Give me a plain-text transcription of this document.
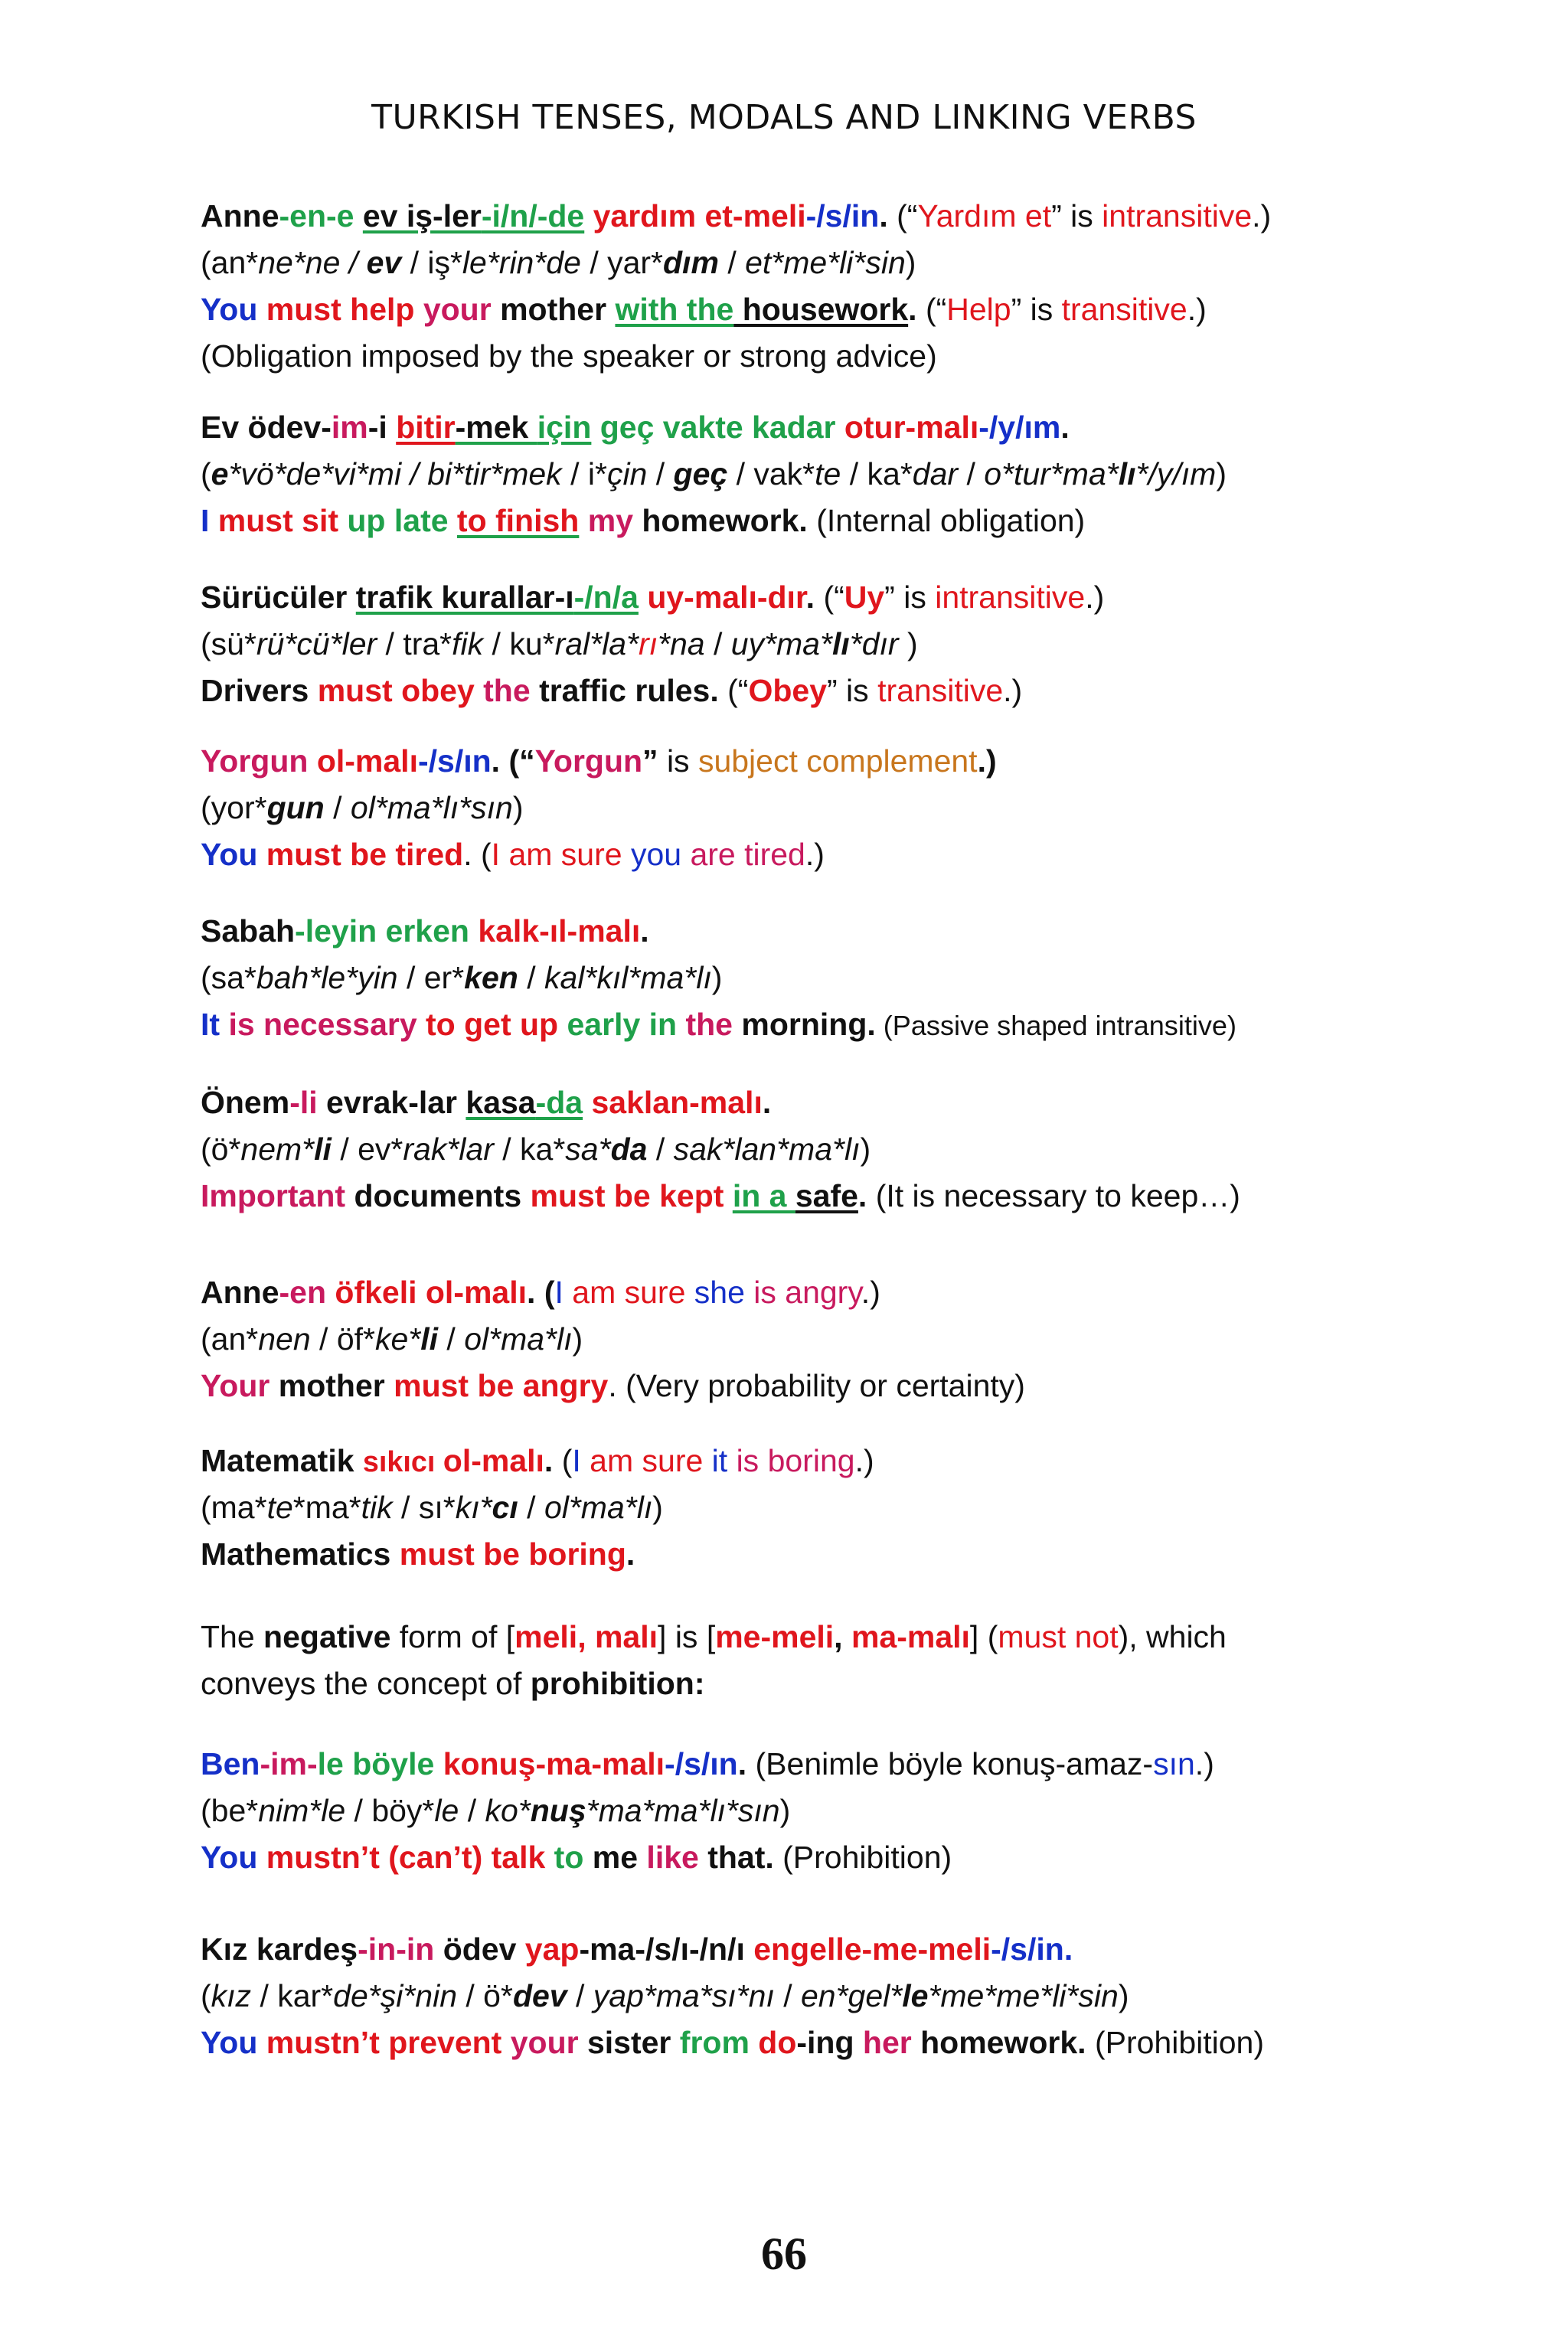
TURKISH TENSES, MODALS AND LINKING VERBS
Anne-en-e ev iş-ler-i/n/-de yardım et-meli-/s/in. (“Yardım et” is intransitive.)
(an*ne*ne / ev / iş*le*rin*de / yar*dım / et*me*li*sin)
You must help your mother with the housework. (“Help” is transitive.)
(Obligation imposed by the speaker or strong advice)
Ev ödev-im-i bitir-mek için geç vakte kadar otur-malı-/y/ım.
(e*vö*de*vi*mi / bi*tir*mek / i*çin / geç / vak*te / ka*dar / o*tur*ma*lı*/y/ım)
I must sit up late to finish my homework. (Internal obligation)
Sürücüler trafik kurallar-ı-/n/a uy-malı-dır. (“Uy” is intransitive.)
(sü*rü*cü*ler / tra*fik / ku*ral*la*rı*na / uy*ma*lı*dır )
Drivers must obey the traffic rules. (“Obey” is transitive.)
Yorgun ol-malı-/s/ın. (“Yorgun” is subject complement.)
(yor*gun / ol*ma*lı*sın)
You must be tired. (I am sure you are tired.)
Sabah-leyin erken kalk-ıl-malı.
(sa*bah*le*yin / er*ken / kal*kıl*ma*lı)
It is necessary to get up early in the morning. (Passive shaped intransitive)
Önem-li evrak-lar kasa-da saklan-malı.
(ö*nem*li / ev*rak*lar / ka*sa*da / sak*lan*ma*lı)
Important documents must be kept in a safe. (It is necessary to keep…)
Anne-en öfkeli ol-malı. (I am sure she is angry.)
(an*nen / öf*ke*li / ol*ma*lı)
Your mother must be angry. (Very probability or certainty)
Matematik sıkıcı ol-malı. (I am sure it is boring.)
(ma*te*ma*tik / sı*kı*cı / ol*ma*lı)
Mathematics must be boring.
The negative form of [meli, malı] is [me-meli, ma-malı] (must not), which
conveys the concept of prohibition:
Ben-im-le böyle konuş-ma-malı-/s/ın. (Benimle böyle konuş-amaz-sın.)
(be*nim*le / böy*le / ko*nuş*ma*ma*lı*sın)
You mustn’t (can’t) talk to me like that. (Prohibition)
Kız kardeş-in-in ödev yap-ma-/s/ı-/n/ı engelle-me-meli-/s/in.
(kız / kar*de*şi*nin / ö*dev / yap*ma*sı*nı / en*gel*le*me*me*li*sin)
You mustn’t prevent your sister from do-ing her homework. (Prohibition)
66
